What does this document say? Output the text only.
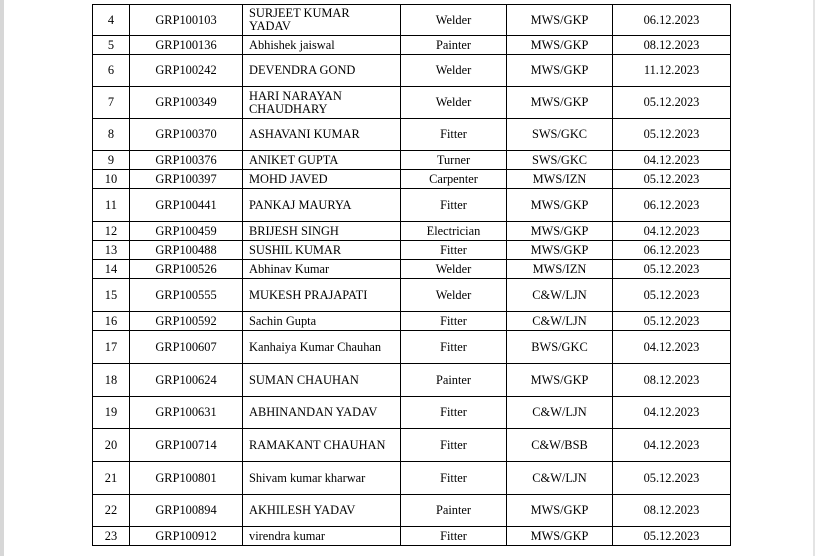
4	GRP100103	SURJEET KUMAR YADAV	Welder	MWS/GKP	06.12.2023
5	GRP100136	Abhishek jaiswal	Painter	MWS/GKP	08.12.2023
6	GRP100242	DEVENDRA GOND	Welder	MWS/GKP	11.12.2023
7	GRP100349	HARI NARAYAN CHAUDHARY	Welder	MWS/GKP	05.12.2023
8	GRP100370	ASHAVANI KUMAR	Fitter	SWS/GKC	05.12.2023
9	GRP100376	ANIKET GUPTA	Turner	SWS/GKC	04.12.2023
10	GRP100397	MOHD JAVED	Carpenter	MWS/IZN	05.12.2023
11	GRP100441	PANKAJ MAURYA	Fitter	MWS/GKP	06.12.2023
12	GRP100459	BRIJESH SINGH	Electrician	MWS/GKP	04.12.2023
13	GRP100488	SUSHIL KUMAR	Fitter	MWS/GKP	06.12.2023
14	GRP100526	Abhinav Kumar	Welder	MWS/IZN	05.12.2023
15	GRP100555	MUKESH PRAJAPATI	Welder	C&W/LJN	05.12.2023
16	GRP100592	Sachin Gupta	Fitter	C&W/LJN	05.12.2023
17	GRP100607	Kanhaiya Kumar Chauhan	Fitter	BWS/GKC	04.12.2023
18	GRP100624	SUMAN CHAUHAN	Painter	MWS/GKP	08.12.2023
19	GRP100631	ABHINANDAN YADAV	Fitter	C&W/LJN	04.12.2023
20	GRP100714	RAMAKANT CHAUHAN	Fitter	C&W/BSB	04.12.2023
21	GRP100801	Shivam kumar kharwar	Fitter	C&W/LJN	05.12.2023
22	GRP100894	AKHILESH YADAV	Painter	MWS/GKP	08.12.2023
23	GRP100912	virendra kumar	Fitter	MWS/GKP	05.12.2023
